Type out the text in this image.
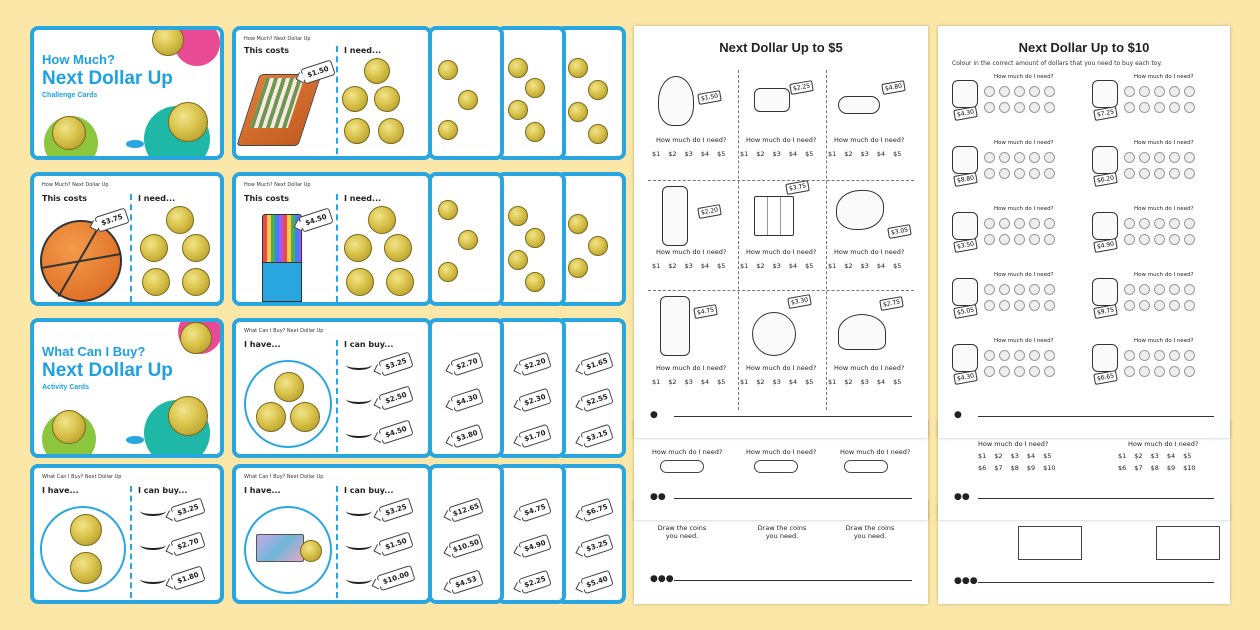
How Much?
Next Dollar Up
Challenge Cards
How Much? Next Dollar Up
This costs	I need...
$1.50
How Much? Next Dollar Up
This costs	I need...
$3.75
How Much? Next Dollar Up
This costs	I need...
$4.50
$2.70
$4.30
$3.80
$2.20
$2.30
$1.70
$1.65
$2.55
$3.15
$12.65
$10.50
$4.53
$4.75
$4.90
$2.25
$6.75
$3.25
$5.40
What Can I Buy?
Next Dollar Up
Activity Cards
What Can I Buy? Next Dollar Up
I have...	I can buy...
$3.25
$2.50
$4.50
What Can I Buy? Next Dollar Up
I have...	I can buy...
$3.25
$2.70
$1.80
What Can I Buy? Next Dollar Up
I have...	I can buy...
$3.25
$1.50
$10.00
Draw the coins you need.
Draw the coins you need.
Draw the coins you need.
●●●
How much do I need?	How much do I need?	How much do I need?
●●
Next Dollar Up to $5
$1.50
$2.25	$4.80
How much do I need?	How much do I need?	How much do I need?
$1 $2 $3 $4 $5 $1 $2 $3 $4 $5 $1 $2 $3 $4 $5
$2.20
$3.75
$3.05
How much do I need?	How much do I need?	How much do I need?
$1 $2 $3 $4 $5 $1 $2 $3 $4 $5 $1 $2 $3 $4 $5
$4.75
$3.30	$2.75
How much do I need?	How much do I need?	How much do I need?
$1 $2 $3 $4 $5 $1 $2 $3 $4 $5 $1 $2 $3 $4 $5
●
●●●
How much do I need?	How much do I need?
$1 $2 $3 $4 $5
$6 $7 $8 $9 $10
$1 $2 $3 $4 $5
$6 $7 $8 $9 $10
●●
Next Dollar Up to $10
Colour in the correct amount of dollars that you need to buy each toy.
$4.30
How much do I need?
$7.25
How much do I need?
$8.80
How much do I need?
$6.20
How much do I need?
$3.50
How much do I need?
$4.90
How much do I need?
$5.05
How much do I need?
$9.75
How much do I need?
$4.30
How much do I need?
$6.65
How much do I need?
●
